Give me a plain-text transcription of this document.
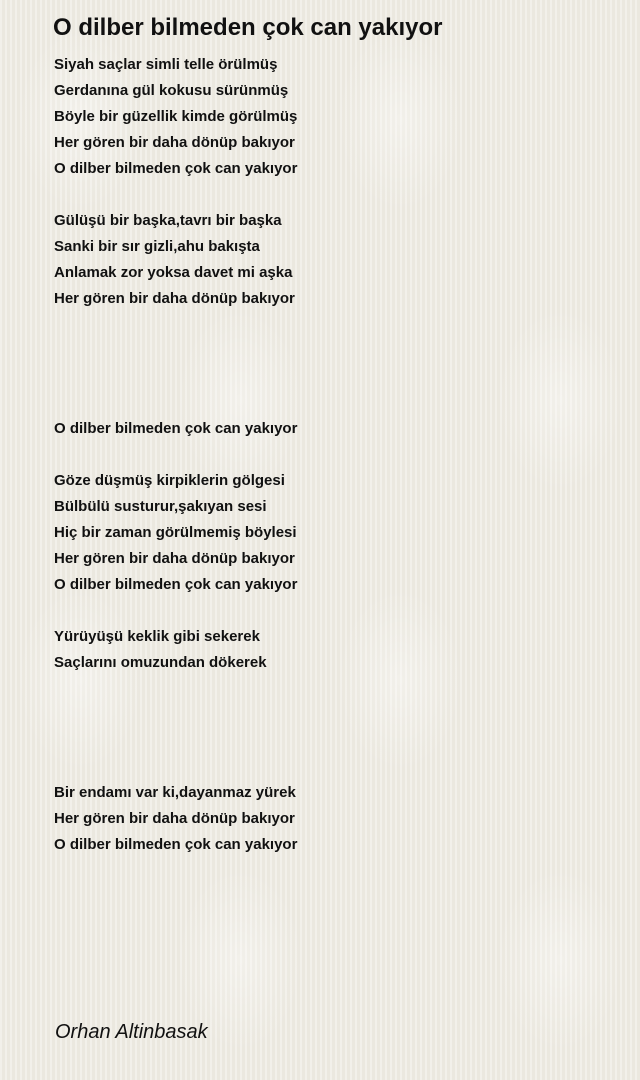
O dilber bilmeden çok can yakıyor
Siyah saçlar simli telle örülmüş
Gerdanına gül kokusu sürünmüş
Böyle bir güzellik kimde görülmüş
Her gören bir daha dönüp bakıyor
O dilber bilmeden çok can yakıyor
Gülüşü bir başka,tavrı bir başka
Sanki bir sır gizli,ahu bakışta
Anlamak zor yoksa davet mi aşka
Her gören bir daha dönüp bakıyor
O dilber bilmeden çok can yakıyor
Göze düşmüş kirpiklerin gölgesi
Bülbülü susturur,şakıyan sesi
Hiç bir zaman görülmemiş böylesi
Her gören bir daha dönüp bakıyor
O dilber bilmeden çok can yakıyor
Yürüyüşü keklik gibi sekerek
Saçlarını omuzundan dökerek
Bir endamı var ki,dayanmaz yürek
Her gören bir daha dönüp bakıyor
O dilber bilmeden çok can yakıyor
Orhan Altinbasak
